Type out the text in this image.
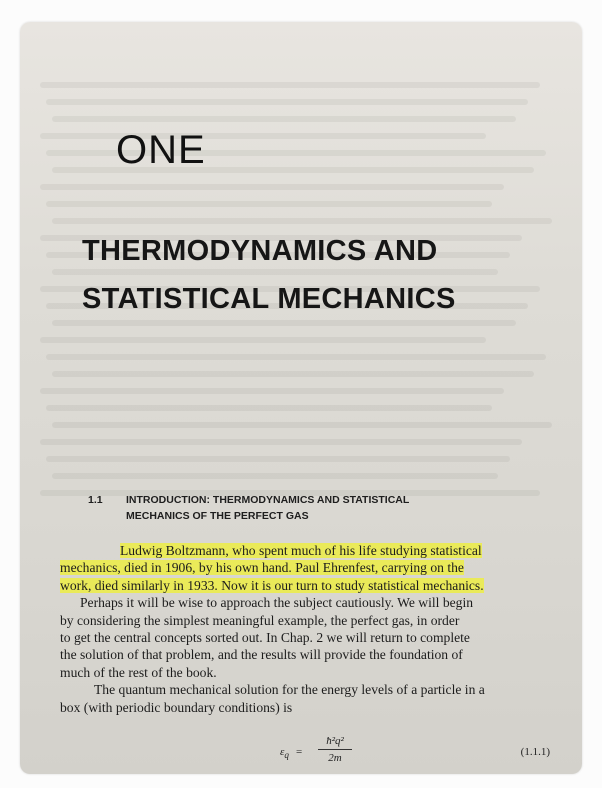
ONE
THERMODYNAMICS AND
STATISTICAL MECHANICS
1.1 INTRODUCTION: THERMODYNAMICS AND STATISTICAL
MECHANICS OF THE PERFECT GAS
Ludwig Boltzmann, who spent much of his life studying statistical
mechanics, died in 1906, by his own hand. Paul Ehrenfest, carrying on the
work, died similarly in 1933. Now it is our turn to study statistical mechanics.
Perhaps it will be wise to approach the subject cautiously. We will begin
by considering the simplest meaningful example, the perfect gas, in order
to get the central concepts sorted out. In Chap. 2 we will return to complete
the solution of that problem, and the results will provide the foundation of
much of the rest of the book.
The quantum mechanical solution for the energy levels of a particle in a
box (with periodic boundary conditions) is
$\varepsilon_q$ =
ħ²q²
2m	(1.1.1)
